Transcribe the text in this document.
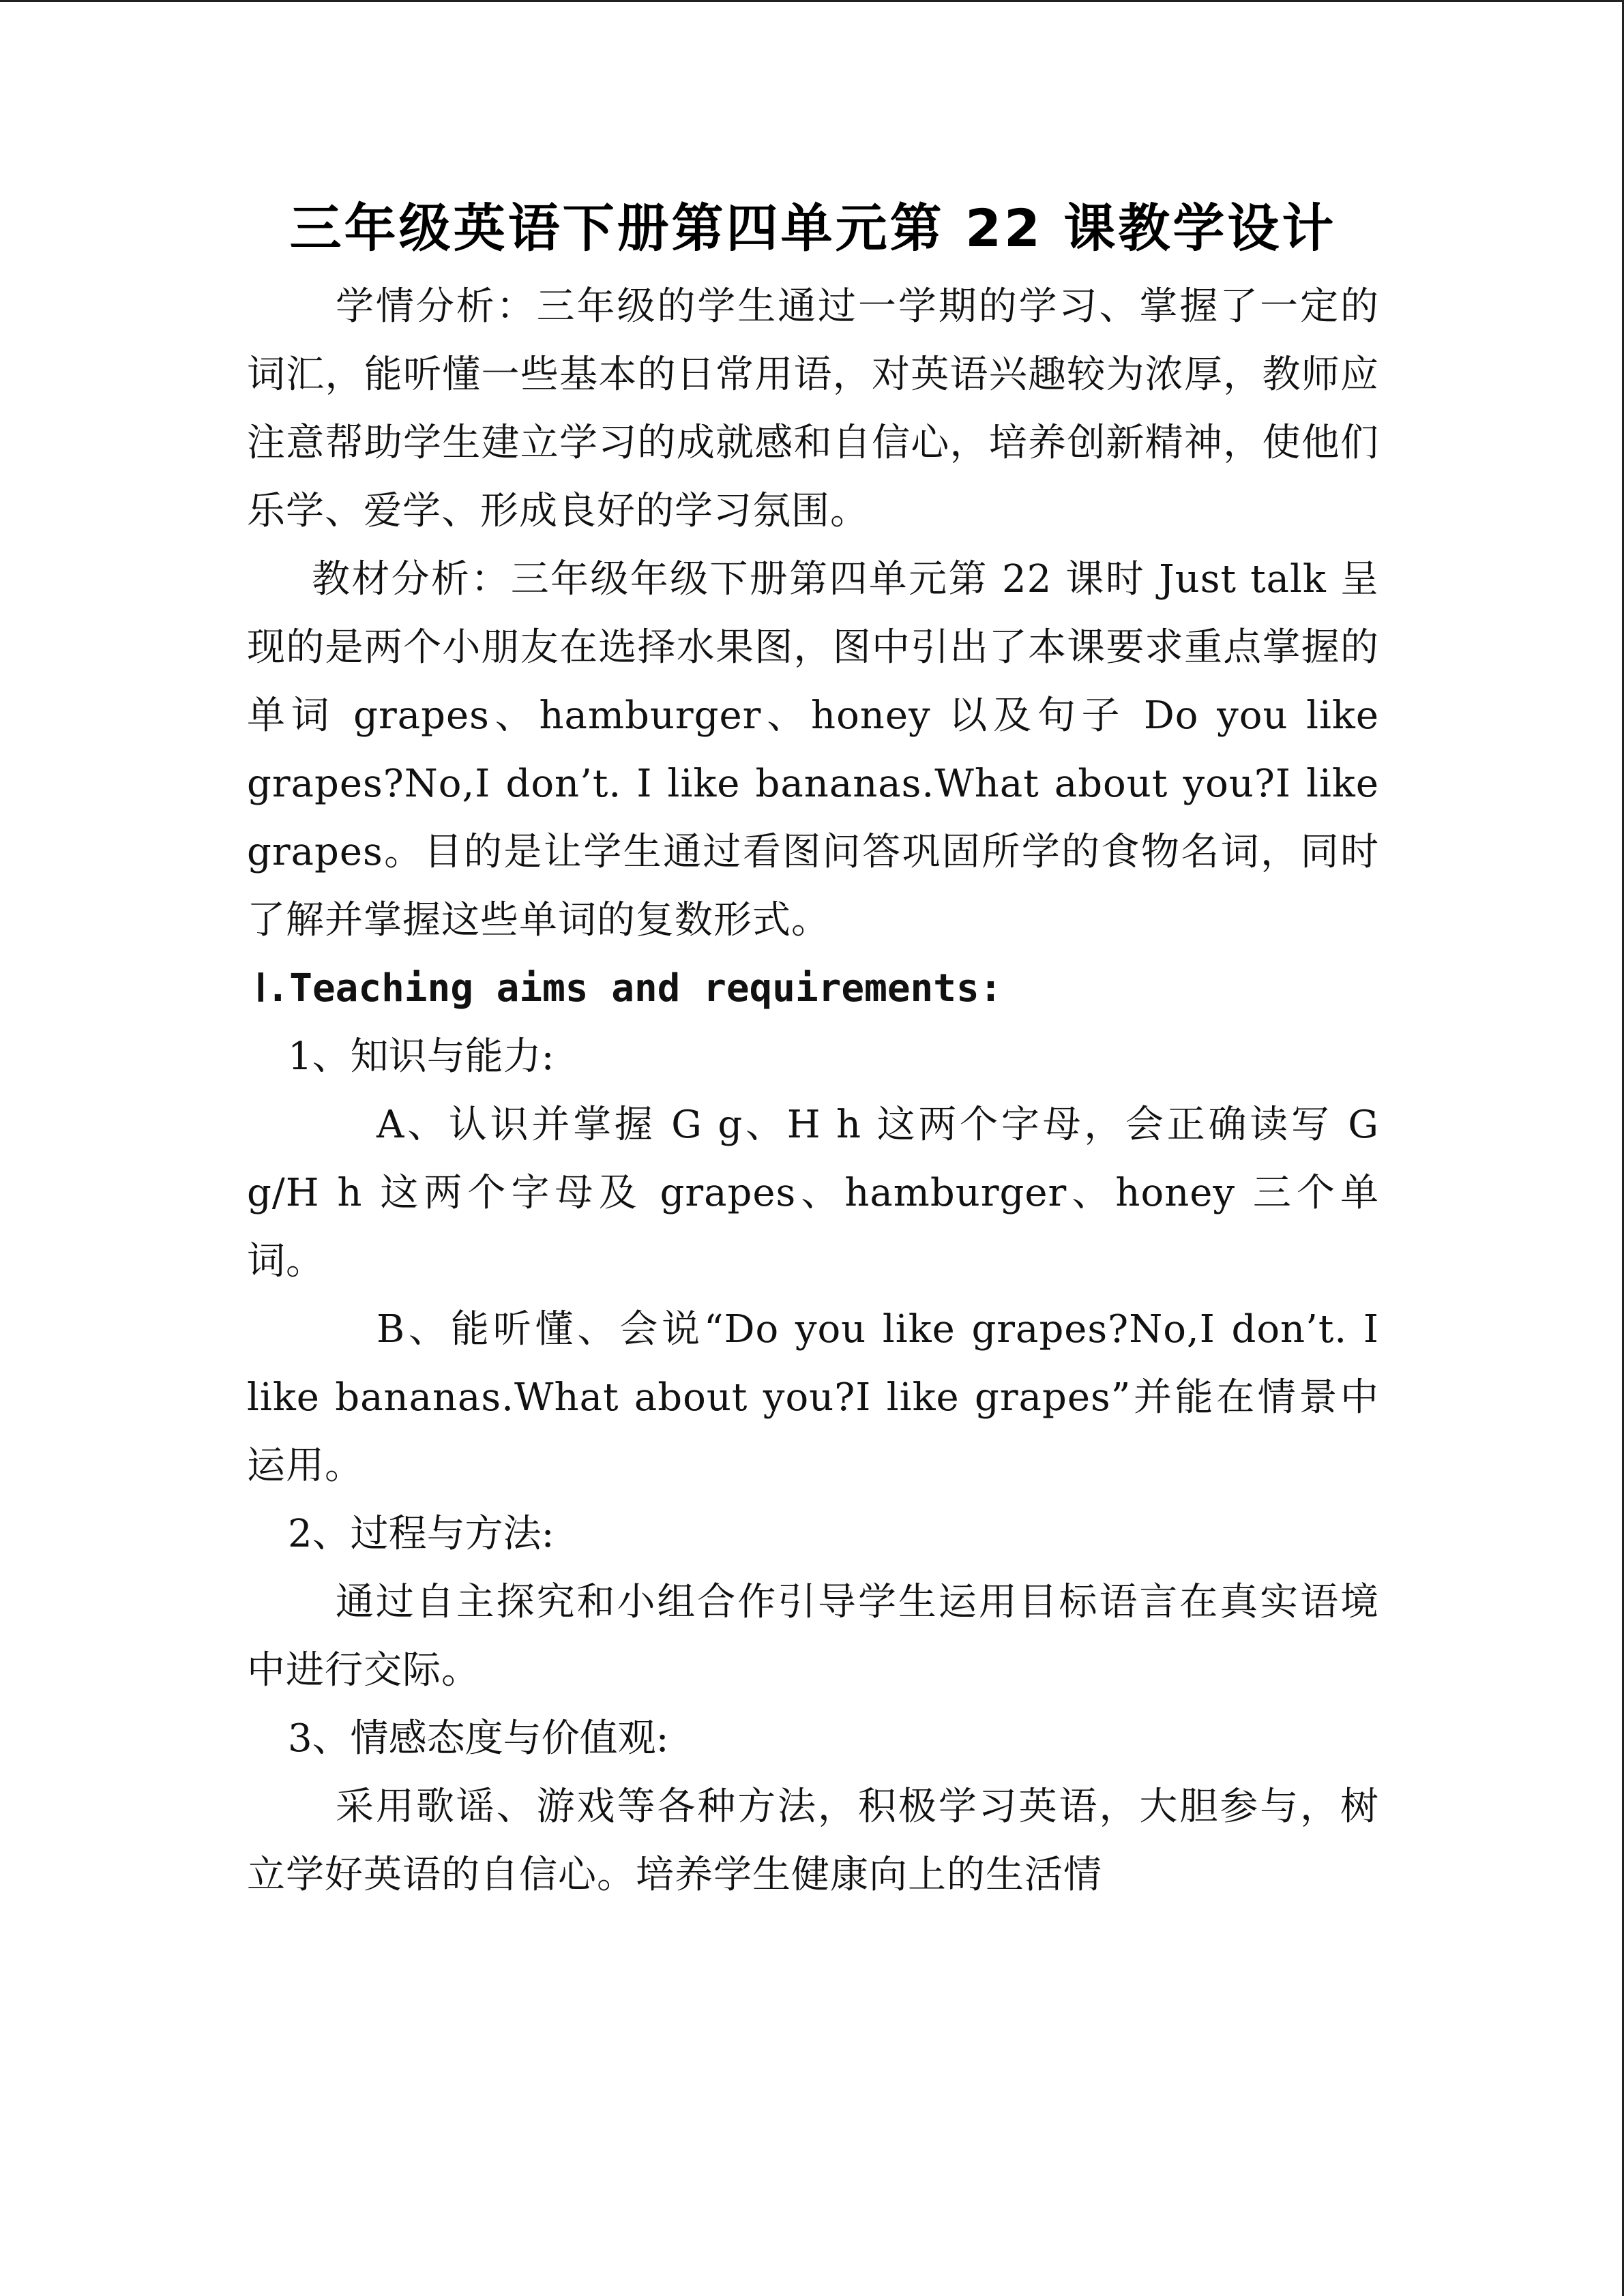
三年级英语下册第四单元第 22 课教学设计

学情分析：三年级的学生通过一学期的学习、掌握了一定的词汇，能听懂一些基本的日常用语，对英语兴趣较为浓厚，教师应注意帮助学生建立学习的成就感和自信心，培养创新精神，使他们乐学、爱学、形成良好的学习氛围。

教材分析：三年级年级下册第四单元第 22 课时 Just talk 呈现的是两个小朋友在选择水果图，图中引出了本课要求重点掌握的单词 grapes、hamburger、honey 以及句子 Do you like grapes?No,I don’t. I like bananas.What about you?I like grapes。目的是让学生通过看图问答巩固所学的食物名词，同时了解并掌握这些单词的复数形式。

Ⅰ.Teaching aims and requirements:

1、知识与能力:

A、认识并掌握 G g、H h 这两个字母，会正确读写 G g/H h 这两个字母及 grapes、hamburger、honey 三个单词。

B、能听懂、会说“Do you like grapes?No,I don’t. I like bananas.What about you?I like grapes”并能在情景中运用。

2、过程与方法:

通过自主探究和小组合作引导学生运用目标语言在真实语境中进行交际。

3、情感态度与价值观:

采用歌谣、游戏等各种方法，积极学习英语，大胆参与，树立学好英语的自信心。培养学生健康向上的生活情
